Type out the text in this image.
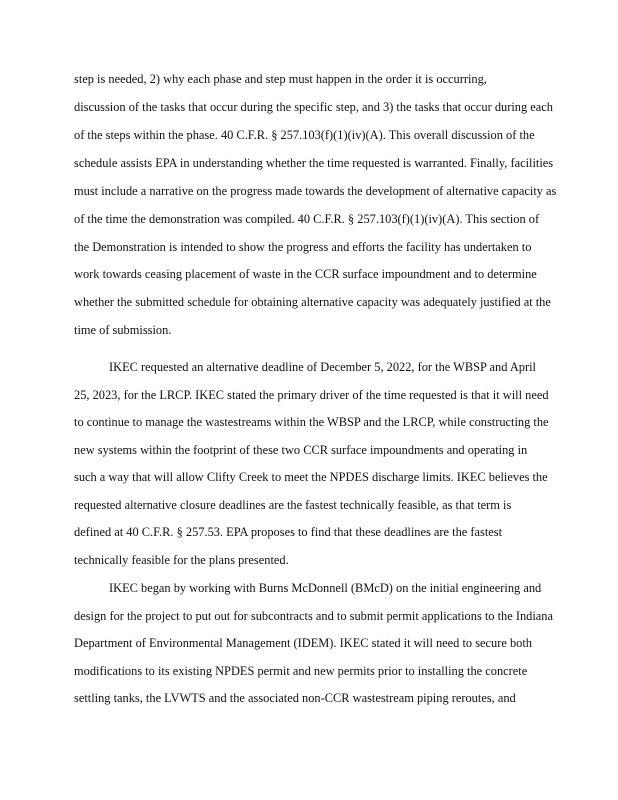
step is needed, 2) why each phase and step must happen in the order it is occurring,
discussion of the tasks that occur during the specific step, and 3) the tasks that occur during each
of the steps within the phase. 40 C.F.R. § 257.103(f)(1)(iv)(A). This overall discussion of the
schedule assists EPA in understanding whether the time requested is warranted. Finally, facilities
must include a narrative on the progress made towards the development of alternative capacity as
of the time the demonstration was compiled. 40 C.F.R. § 257.103(f)(1)(iv)(A). This section of
the Demonstration is intended to show the progress and efforts the facility has undertaken to
work towards ceasing placement of waste in the CCR surface impoundment and to determine
whether the submitted schedule for obtaining alternative capacity was adequately justified at the
time of submission.
IKEC requested an alternative deadline of December 5, 2022, for the WBSP and April
25, 2023, for the LRCP. IKEC stated the primary driver of the time requested is that it will need
to continue to manage the wastestreams within the WBSP and the LRCP, while constructing the
new systems within the footprint of these two CCR surface impoundments and operating in
such a way that will allow Clifty Creek to meet the NPDES discharge limits. IKEC believes the
requested alternative closure deadlines are the fastest technically feasible, as that term is
defined at 40 C.F.R. § 257.53. EPA proposes to find that these deadlines are the fastest
technically feasible for the plans presented.
IKEC began by working with Burns McDonnell (BMcD) on the initial engineering and
design for the project to put out for subcontracts and to submit permit applications to the Indiana
Department of Environmental Management (IDEM). IKEC stated it will need to secure both
modifications to its existing NPDES permit and new permits prior to installing the concrete
settling tanks, the LVWTS and the associated non-CCR wastestream piping reroutes, and
